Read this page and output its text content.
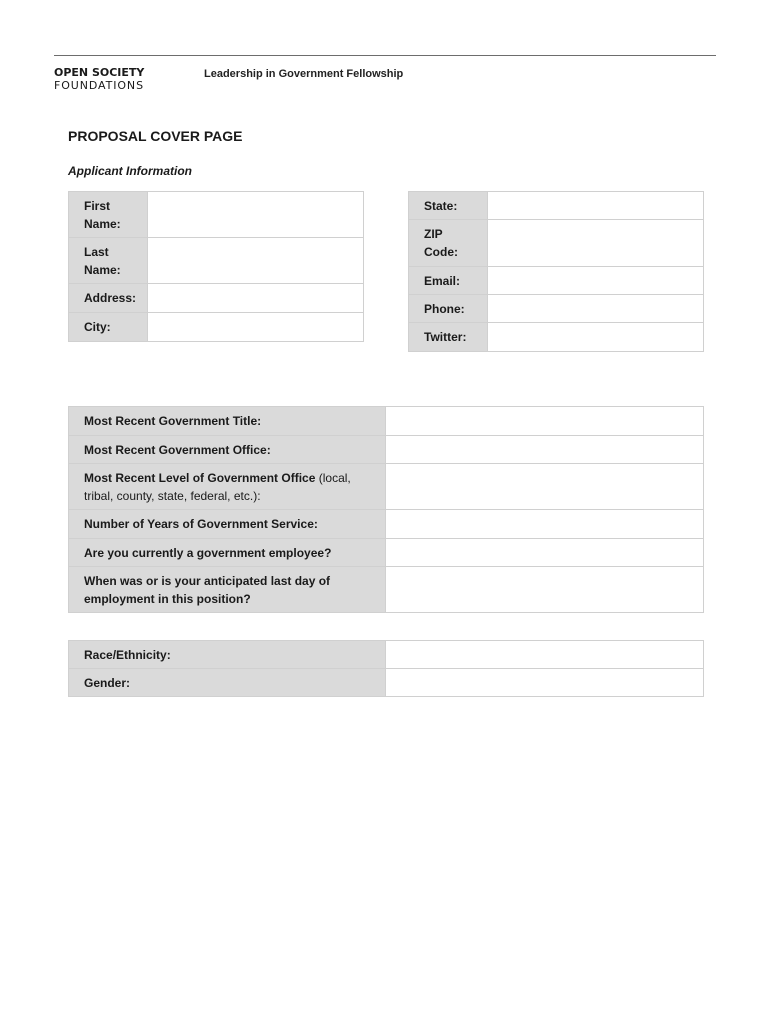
OPEN SOCIETY
FOUNDATIONS
Leadership in Government Fellowship
PROPOSAL COVER PAGE
Applicant Information
First Name:	
Last Name:	
Address:	
City:	
State:	
ZIP Code:	
Email:	
Phone:	
Twitter:	
Most Recent Government Title:	
Most Recent Government Office:	
Most Recent Level of Government Office (local, tribal, county, state, federal, etc.):	
Number of Years of Government Service:	
Are you currently a government employee?	
When was or is your anticipated last day of employment in this position?	
Race/Ethnicity:	
Gender:	
